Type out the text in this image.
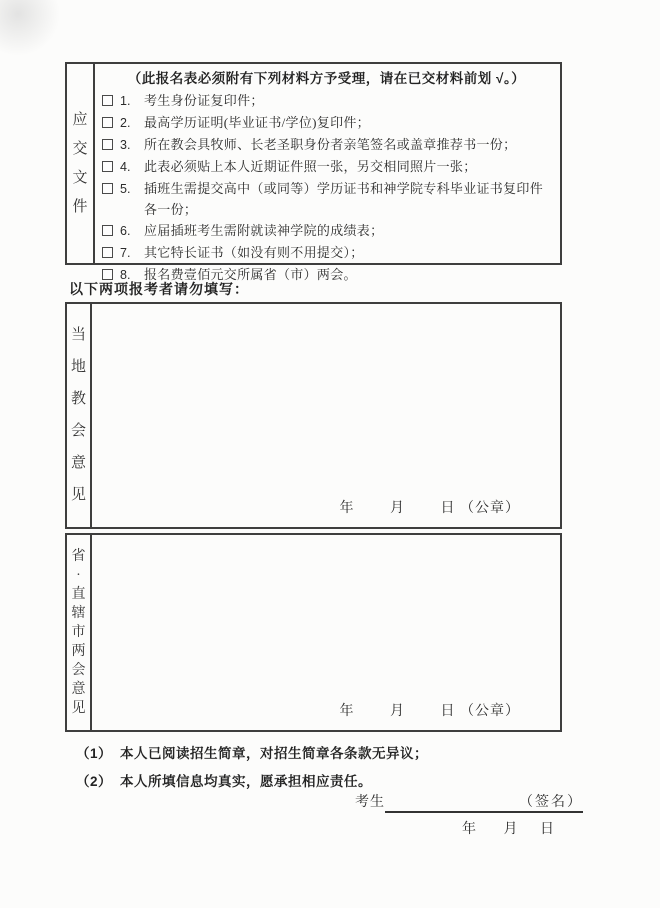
应
交
文
件
（此报名表必须附有下列材料方予受理，请在已交材料前划 √。）
1.	考生身份证复印件；
2.	最高学历证明(毕业证书/学位)复印件；
3.	所在教会具牧师、长老圣职身份者亲笔签名或盖章推荐书一份；
4.	此表必须贴上本人近期证件照一张，另交相同照片一张；
5.	插班生需提交高中（或同等）学历证书和神学院专科毕业证书复印件各一份；
6.	应届插班考生需附就读神学院的成绩表；
7.	其它特长证书（如没有则不用提交）；
8.	报名费壹佰元交所属省（市）两会。
以下两项报考者请勿填写：
当
地
教
会
意
见
年	月	日 （公章）
省
·
直
辖
市
两
会
意
见	年	月	日 （公章）
（1） 本人已阅读招生简章，对招生简章各条款无异议；
（2） 本人所填信息均真实，愿承担相应责任。
考生	（签名）
年 月 日
